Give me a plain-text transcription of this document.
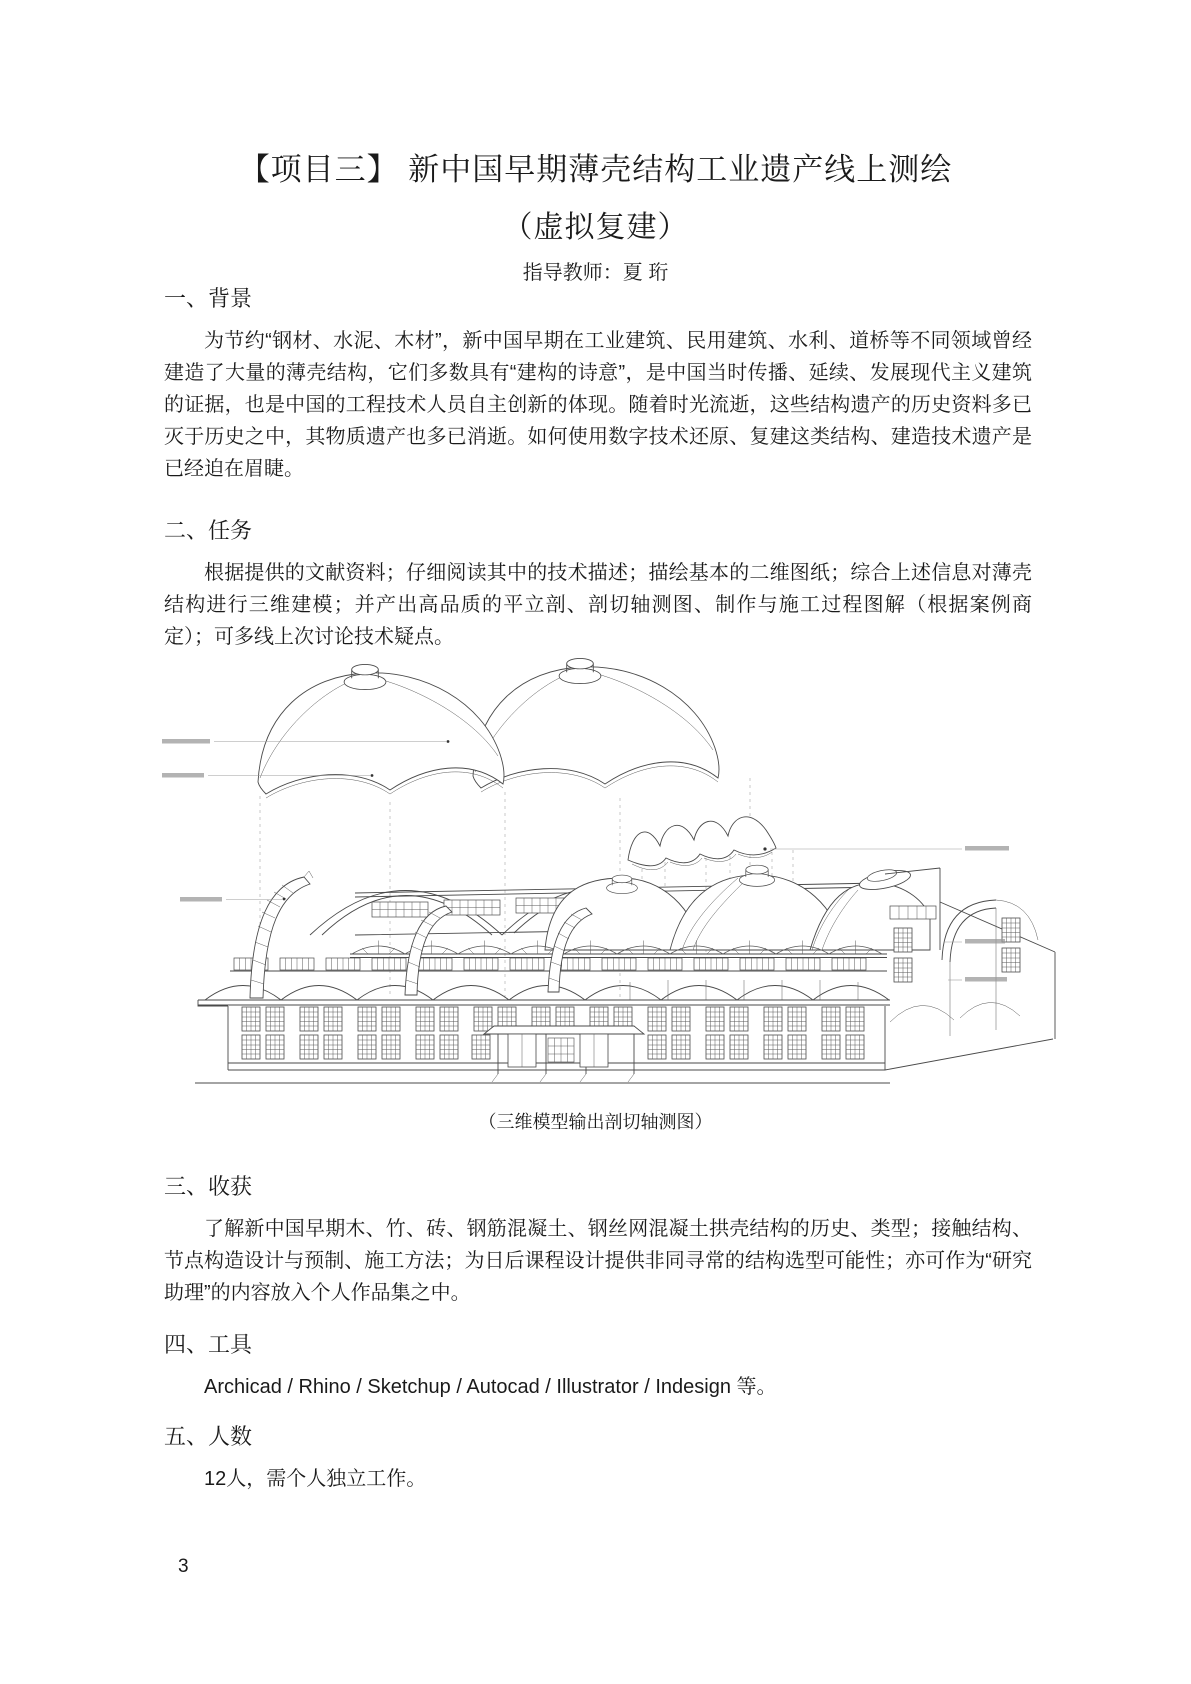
【项目三】 新中国早期薄壳结构工业遗产线上测绘
（虚拟复建）
指导教师：夏 珩
一、背景

为节约“钢材、水泥、木材”，新中国早期在工业建筑、民用建筑、水利、道桥等不同领域曾经建造了大量的薄壳结构，它们多数具有“建构的诗意”，是中国当时传播、延续、发展现代主义建筑的证据，也是中国的工程技术人员自主创新的体现。随着时光流逝，这些结构遗产的历史资料多已　灭于历史之中，其物质遗产也多已消逝。如何使用数字技术还原、复建这类结构、建造技术遗产是已经迫在眉睫。

二、任务

根据提供的文献资料；仔细阅读其中的技术描述；描绘基本的二维图纸；综合上述信息对薄壳结构进行三维建模；并产出高品质的平立剖、剖切轴测图、制作与施工过程图解（根据案例商定）；可多线上次讨论技术疑点。

（三维模型输出剖切轴测图）
三、收获

了解新中国早期木、竹、砖、钢筋混凝土、钢丝网混凝土拱壳结构的历史、类型；接触结构、节点构造设计与预制、施工方法；为日后课程设计提供非同寻常的结构选型可能性；亦可作为“研究助理”的内容放入个人作品集之中。

四、工具

Archicad / Rhino / Sketchup / Autocad / Illustrator / Indesign 等。

五、人数

12人，需个人独立工作。

3
